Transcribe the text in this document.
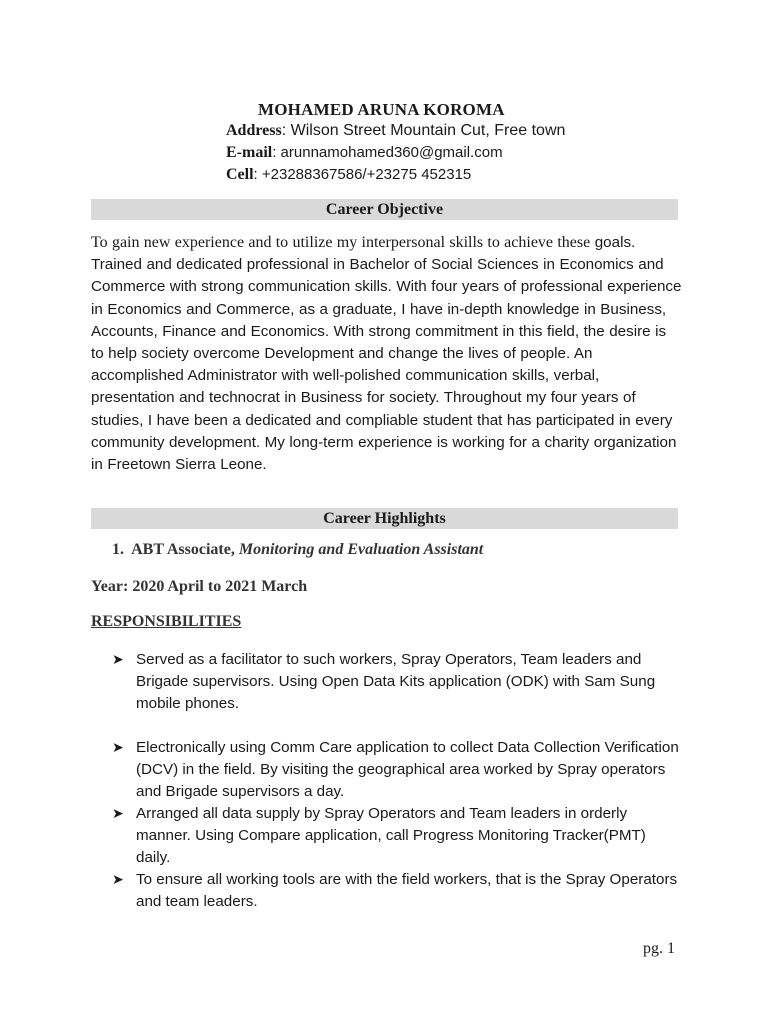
MOHAMED ARUNA KOROMA
Address: Wilson Street Mountain Cut, Free town
E-mail: arunnamohamed360@gmail.com
Cell: +23288367586/+23275 452315
Career Objective
To gain new experience and to utilize my interpersonal skills to achieve these goals. Trained and dedicated professional in Bachelor of Social Sciences in Economics and Commerce with strong communication skills. With four years of professional experience in Economics and Commerce, as a graduate, I have in-depth knowledge in Business, Accounts, Finance and Economics. With strong commitment in this field, the desire is to help society overcome Development and change the lives of people. An accomplished Administrator with well-polished communication skills, verbal, presentation and technocrat in Business for society. Throughout my four years of studies, I have been a dedicated and compliable student that has participated in every community development. My long-term experience is working for a charity organization in Freetown Sierra Leone.
Career Highlights
1. ABT Associate, Monitoring and Evaluation Assistant
Year: 2020 April to 2021 March
RESPONSIBILITIES
➤ Served as a facilitator to such workers, Spray Operators, Team leaders and Brigade supervisors. Using Open Data Kits application (ODK) with Sam Sung mobile phones.
➤ Electronically using Comm Care application to collect Data Collection Verification (DCV) in the field. By visiting the geographical area worked by Spray operators and Brigade supervisors a day.
➤ Arranged all data supply by Spray Operators and Team leaders in orderly manner. Using Compare application, call Progress Monitoring Tracker(PMT) daily.
➤ To ensure all working tools are with the field workers, that is the Spray Operators and team leaders.
pg. 1
